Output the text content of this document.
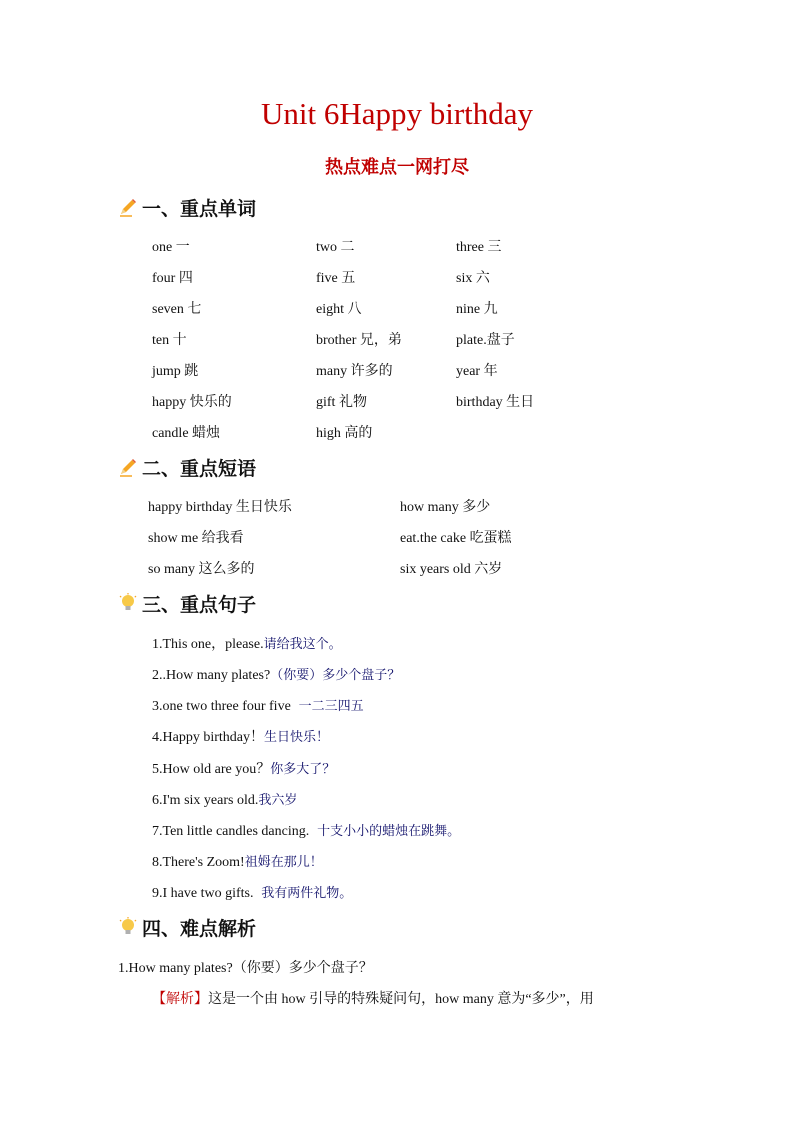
Unit 6Happy birthday
热点难点一网打尽
一、重点单词
one 一	two 二	three 三
four 四	five 五	six 六
seven 七	eight 八	nine 九
ten 十	brother 兄，弟	plate.盘子
jump 跳	many 许多的	year 年
happy 快乐的	gift 礼物	birthday 生日
candle 蜡烛	high 高的
二、重点短语
happy birthday 生日快乐	how many 多少
show me 给我看	eat.the cake 吃蛋糕
so many 这么多的	six years old 六岁
三、重点句子
1.This one，please.请给我这个。
2..How many plates?（你要）多少个盘子？
3.one two three four five 一二三四五
4.Happy birthday！生日快乐！
5.How old are you？你多大了？
6.I'm six years old.我六岁
7.Ten little candles dancing. 十支小小的蜡烛在跳舞。
8.There's Zoom!祖姆在那儿！
9.I have two gifts. 我有两件礼物。
四、难点解析
1.How many plates?（你要）多少个盘子？
【解析】这是一个由 how 引导的特殊疑问句，how many 意为“多少”，用
